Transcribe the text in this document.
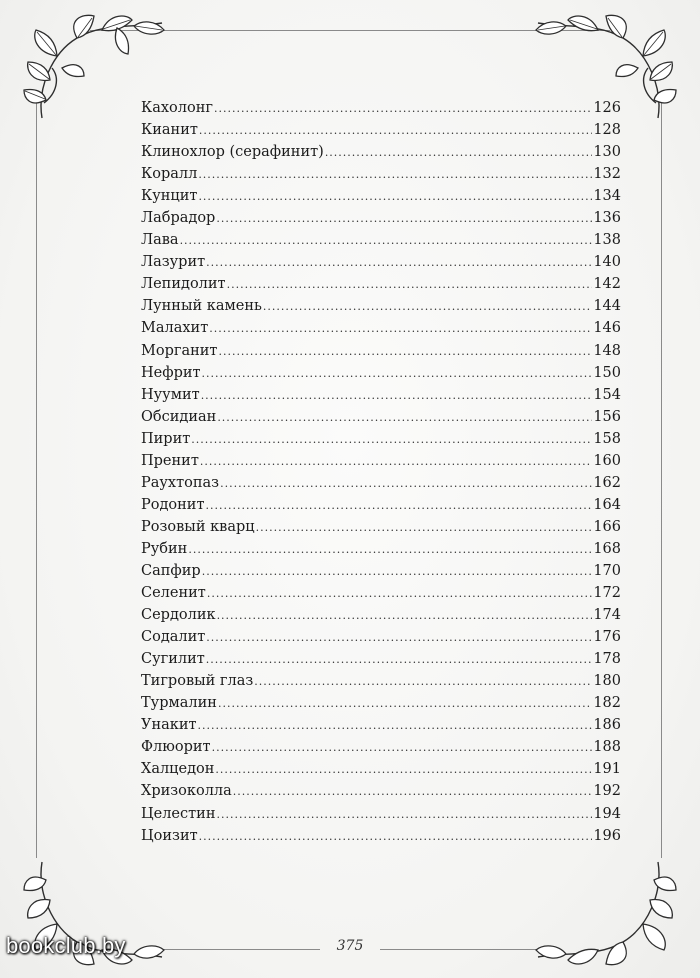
Кахолонг .....	126
Кианит .....	128
Клинохлор (серафинит) .....	130
Коралл .....	132
Кунцит .....	134
Лабрадор .....	136
Лава .....	138
Лазурит .....	140
Лепидолит .....	142
Лунный камень .....	144
Малахит .....	146
Морганит .....	148
Нефрит .....	150
Нуумит .....	154
Обсидиан .....	156
Пирит .....	158
Пренит .....	160
Раухтопаз .....	162
Родонит .....	164
Розовый кварц .....	166
Рубин .....	168
Сапфир .....	170
Селенит .....	172
Сердолик .....	174
Содалит .....	176
Сугилит .....	178
Тигровый глаз .....	180
Турмалин .....	182
Унакит .....	186
Флюорит .....	188
Халцедон .....	191
Хризоколла .....	192
Целестин .....	194
Цоизит .....	196
375
bookclub.by
